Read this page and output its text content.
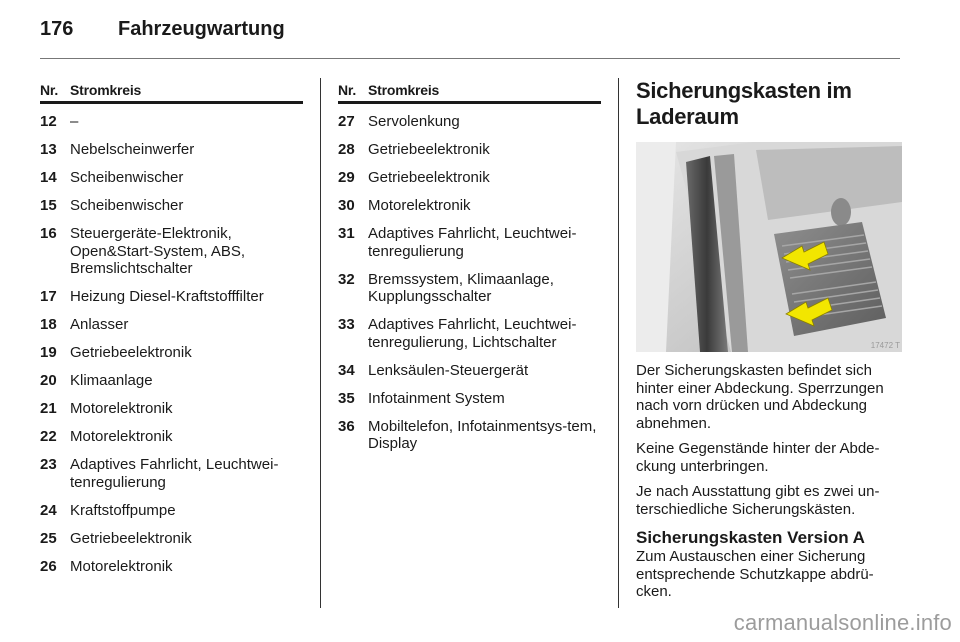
176	Fahrzeugwartung
Nr. Stromkreis
12 –
13 Nebelscheinwerfer
14 Scheibenwischer
15 Scheibenwischer
16 Steuergeräte-Elektronik, Open&Start-System, ABS, Bremslichtschalter
17 Heizung Diesel-Kraftstofffilter
18 Anlasser
19 Getriebeelektronik
20 Klimaanlage
21 Motorelektronik
22 Motorelektronik
23 Adaptives Fahrlicht, Leuchtwei-tenregulierung
24 Kraftstoffpumpe
25 Getriebeelektronik
26 Motorelektronik
Nr. Stromkreis
27 Servolenkung
28 Getriebeelektronik
29 Getriebeelektronik
30 Motorelektronik
31 Adaptives Fahrlicht, Leuchtwei-tenregulierung
32 Bremssystem, Klimaanlage, Kupplungsschalter
33 Adaptives Fahrlicht, Leuchtwei-tenregulierung, Lichtschalter
34 Lenksäulen-Steuergerät
35 Infotainment System
36 Mobiltelefon, Infotainmentsys-tem, Display
Sicherungskasten im Laderaum
17472 T

Der Sicherungskasten befindet sich hinter einer Abdeckung. Sperrzungen nach vorn drücken und Abdeckung abnehmen.

Keine Gegenstände hinter der Abde-ckung unterbringen.

Je nach Ausstattung gibt es zwei un-terschiedliche Sicherungskästen.

Sicherungskasten Version A

Zum Austauschen einer Sicherung entsprechende Schutzkappe abdrü-cken.

carmanualsonline.info
